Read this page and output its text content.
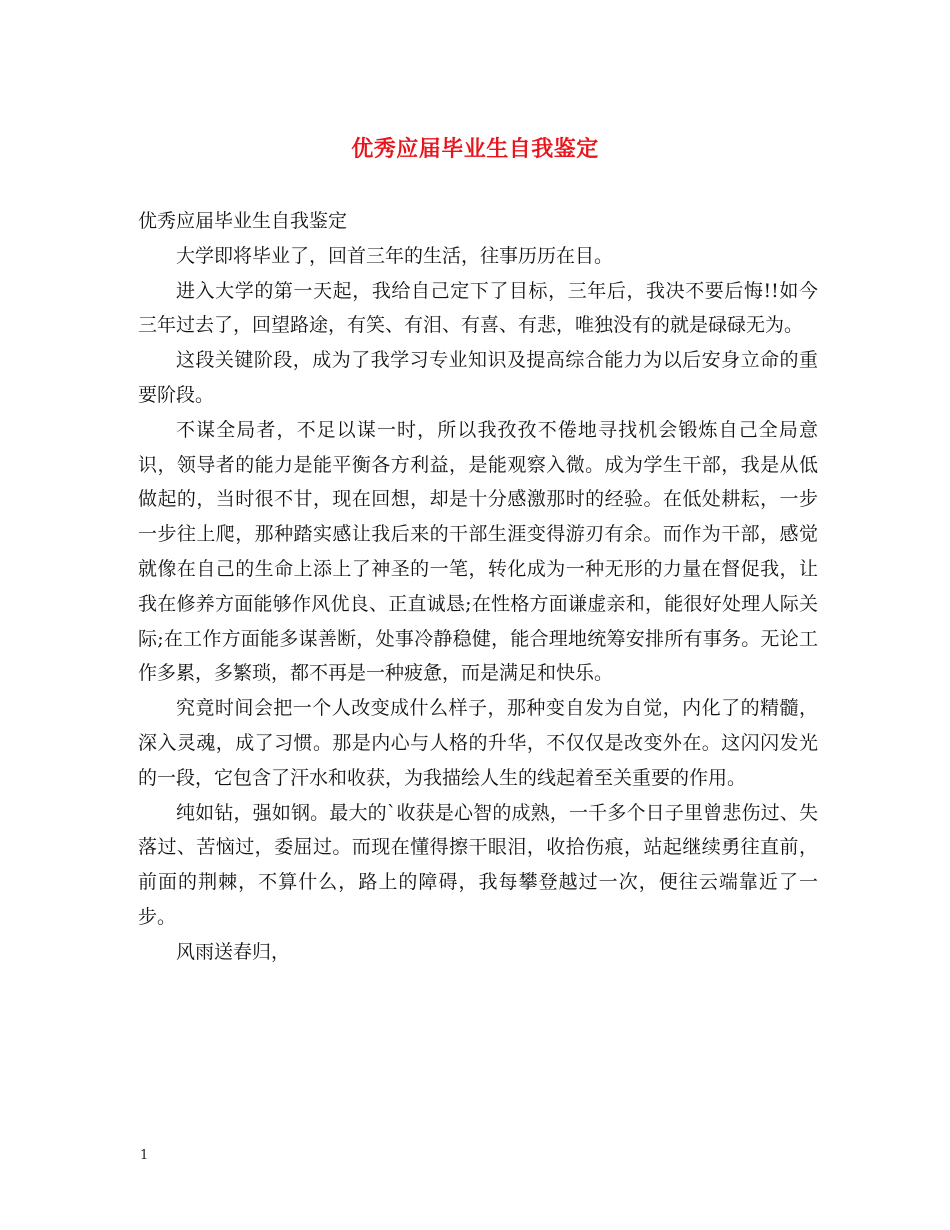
优秀应届毕业生自我鉴定

优秀应届毕业生自我鉴定

大学即将毕业了，回首三年的生活，往事历历在目。

进入大学的第一天起，我给自己定下了目标，三年后，我决不要后悔!!如今三年过去了，回望路途，有笑、有泪、有喜、有悲，唯独没有的就是碌碌无为。

这段关键阶段，成为了我学习专业知识及提高综合能力为以后安身立命的重要阶段。

不谋全局者，不足以谋一时，所以我孜孜不倦地寻找机会锻炼自己全局意识，领导者的能力是能平衡各方利益，是能观察入微。成为学生干部，我是从低做起的，当时很不甘，现在回想，却是十分感激那时的经验。在低处耕耘，一步一步往上爬，那种踏实感让我后来的干部生涯变得游刃有余。而作为干部，感觉就像在自己的生命上添上了神圣的一笔，转化成为一种无形的力量在督促我，让我在修养方面能够作风优良、正直诚恳;在性格方面谦虚亲和，能很好处理人际关际;在工作方面能多谋善断，处事冷静稳健，能合理地统筹安排所有事务。无论工作多累，多繁琐，都不再是一种疲惫，而是满足和快乐。

究竟时间会把一个人改变成什么样子，那种变自发为自觉，内化了的精髓，深入灵魂，成了习惯。那是内心与人格的升华，不仅仅是改变外在。这闪闪发光的一段，它包含了汗水和收获，为我描绘人生的线起着至关重要的作用。

纯如钻，强如钢。最大的`收获是心智的成熟，一千多个日子里曾悲伤过、失落过、苦恼过，委屈过。而现在懂得擦干眼泪，收拾伤痕，站起继续勇往直前，前面的荆棘，不算什么，路上的障碍，我每攀登越过一次，便往云端靠近了一步。

风雨送春归，

1
